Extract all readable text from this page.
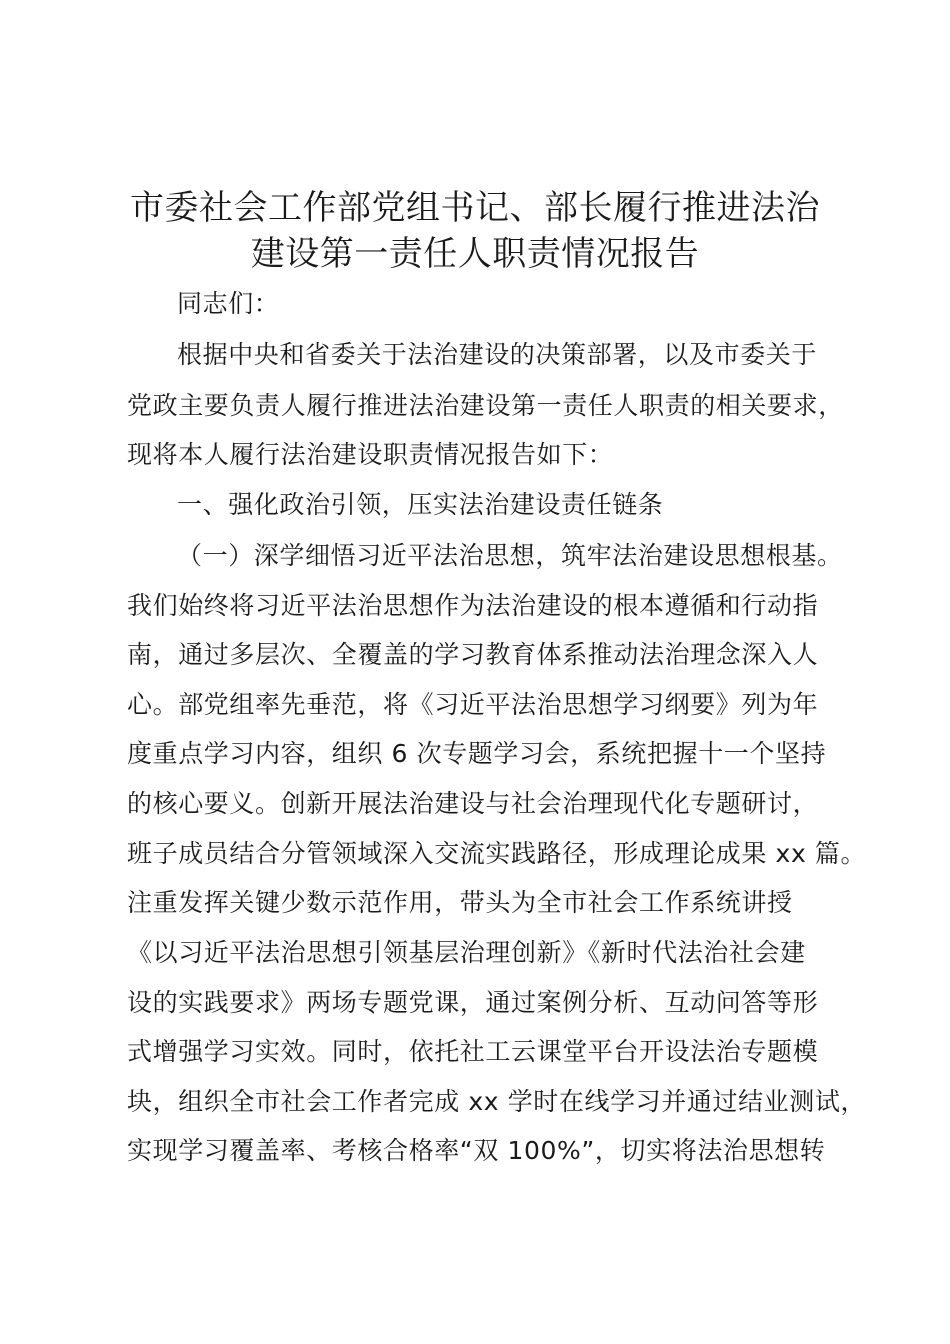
市委社会工作部党组书记、部长履行推进法治
建设第一责任人职责情况报告
同志们：
根据中央和省委关于法治建设的决策部署，以及市委关于
党政主要负责人履行推进法治建设第一责任人职责的相关要求，
现将本人履行法治建设职责情况报告如下：
一、强化政治引领，压实法治建设责任链条
（一）深学细悟习近平法治思想，筑牢法治建设思想根基。
我们始终将习近平法治思想作为法治建设的根本遵循和行动指
南，通过多层次、全覆盖的学习教育体系推动法治理念深入人
心。部党组率先垂范，将《习近平法治思想学习纲要》列为年
度重点学习内容，组织 6 次专题学习会，系统把握十一个坚持
的核心要义。创新开展法治建设与社会治理现代化专题研讨，
班子成员结合分管领域深入交流实践路径，形成理论成果 xx 篇。
注重发挥关键少数示范作用，带头为全市社会工作系统讲授
《以习近平法治思想引领基层治理创新》《新时代法治社会建
设的实践要求》两场专题党课，通过案例分析、互动问答等形
式增强学习实效。同时，依托社工云课堂平台开设法治专题模
块，组织全市社会工作者完成 xx 学时在线学习并通过结业测试，
实现学习覆盖率、考核合格率“双 100%”，切实将法治思想转
